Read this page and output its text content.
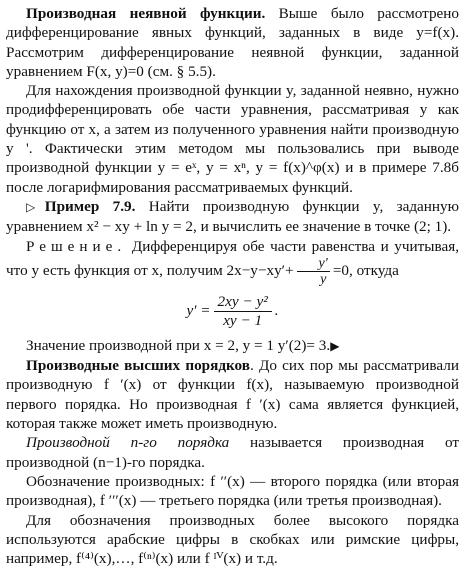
Производная неявной функции. Выше было рассмотрено дифференцирование явных функций, заданных в виде y=f(x). Рассмотрим дифференцирование неявной функции, заданной уравнением F(x, y)=0 (см. § 5.5).

Для нахождения производной функции y, заданной неявно, нужно продифференцировать обе части уравнения, рассматривая y как функцию от x, а затем из полученного уравнения найти производную y '. Фактически этим методом мы пользовались при выводе производной функции y = eˣ, y = xⁿ, y = f(x)^φ(x) и в примере 7.8б после логарифмирования рассматриваемых функций.

▷Пример 7.9. Найти производную функции y, заданную уравнением x² − xy + ln y = 2, и вычислить ее значение в точке (2; 1).

Решение. Дифференцируя обе части равенства и учитывая, что y есть функция от x, получим $2x-y-xy'+ \frac{y'}{y} =0$, откуда

$y' = \frac{\text{2xy − y²}}{xy - 1}$ .

Значение производной при x = 2, y = 1 y′(2)= 3.▶

Производные высших порядков. До сих пор мы рассматривали производную f ′(x) от функции f(x), называемую производной первого порядка. Но производная f ′(x) сама является функцией, которая также может иметь производную.

Производной n-го порядка называется производная от производной (n−1)-го порядка.

Обозначение производных: f ′′(x) — второго порядка (или вторая производная), f ′′′(x) — третьего порядка (или третья производная).

Для обозначения производных более высокого порядка используются арабские цифры в скобках или римские цифры, например, f⁽⁴⁾(x),…, f⁽ⁿ⁾(x) или f ᴵⱽ(x) и т.д.
